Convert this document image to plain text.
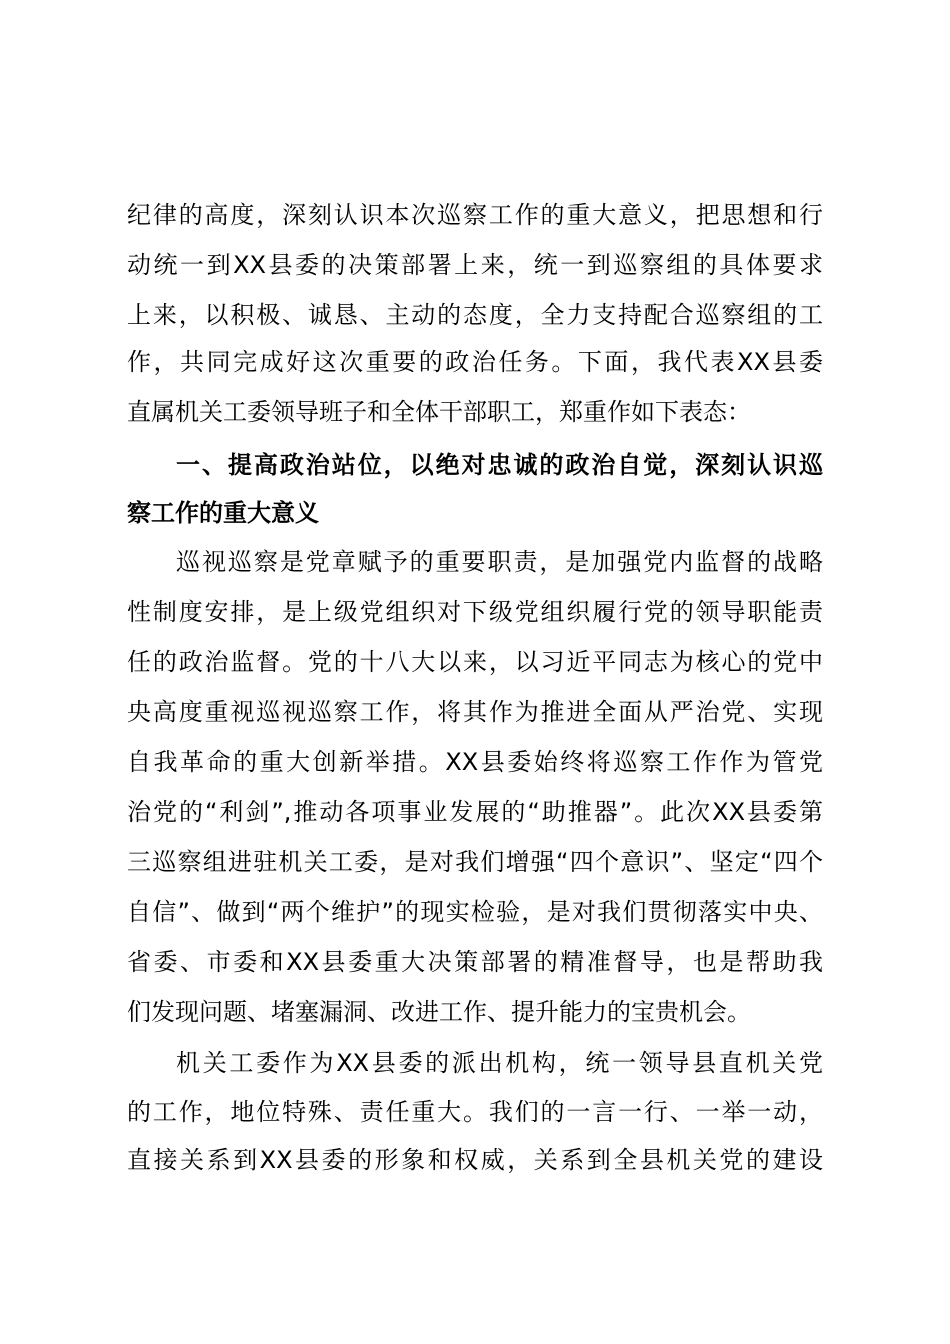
纪律的高度，深刻认识本次巡察工作的重大意义，把思想和行
动统一到XX县委的决策部署上来，统一到巡察组的具体要求
上来，以积极、诚恳、主动的态度，全力支持配合巡察组的工
作，共同完成好这次重要的政治任务。下面，我代表XX县委
直属机关工委领导班子和全体干部职工，郑重作如下表态：
一、提高政治站位，以绝对忠诚的政治自觉，深刻认识巡
察工作的重大意义
巡视巡察是党章赋予的重要职责，是加强党内监督的战略
性制度安排，是上级党组织对下级党组织履行党的领导职能责
任的政治监督。党的十八大以来，以习近平同志为核心的党中
央高度重视巡视巡察工作，将其作为推进全面从严治党、实现
自我革命的重大创新举措。XX县委始终将巡察工作作为管党
治党的“利剑”,推动各项事业发展的“助推器”。此次XX县委第
三巡察组进驻机关工委，是对我们增强“四个意识”、坚定“四个
自信”、做到“两个维护”的现实检验，是对我们贯彻落实中央、
省委、市委和XX县委重大决策部署的精准督导，也是帮助我
们发现问题、堵塞漏洞、改进工作、提升能力的宝贵机会。
机关工委作为XX县委的派出机构，统一领导县直机关党
的工作，地位特殊、责任重大。我们的一言一行、一举一动，
直接关系到XX县委的形象和权威，关系到全县机关党的建设
